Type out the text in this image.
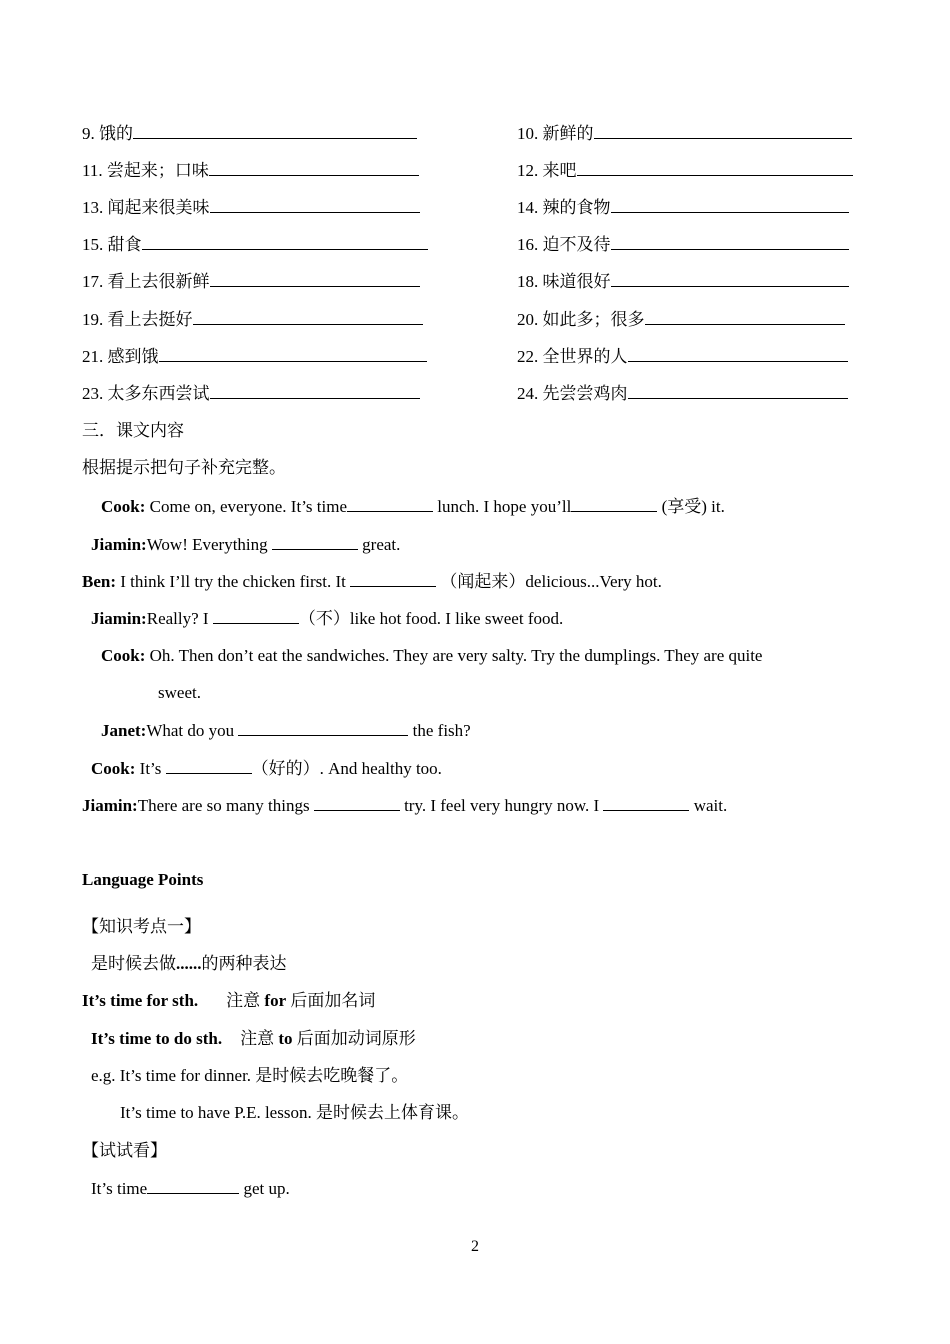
9. 饿的	10. 新鲜的
11. 尝起来；口味	12. 来吧
13. 闻起来很美味	14. 辣的食物
15. 甜食	16. 迫不及待
17. 看上去很新鲜	18. 味道很好
19. 看上去挺好	20. 如此多；很多
21. 感到饿	22. 全世界的人
23. 太多东西尝试	24. 先尝尝鸡肉
三．课文内容
根据提示把句子补充完整。
Cook: Come on, everyone. It’s time	lunch. I hope you’ll	(享受) it.
Jiamin:Wow! Everything	great.
Ben: I think I’ll try the chicken first. It	（闻起来）delicious...Very hot.
Jiamin:Really? I	（不）like hot food. I like sweet food.
Cook: Oh. Then don’t eat the sandwiches. They are very salty. Try the dumplings. They are quite
sweet.
Janet:What do you	the fish?
Cook: It’s	（好的）. And healthy too.
Jiamin:There are so many things	try. I feel very hungry now. I	wait.
Language Points
【知识考点一】
是时候去做......的两种表达
It’s time for sth. 注意 for 后面加名词
It’s time to do sth. 注意 to 后面加动词原形
e.g. It’s time for dinner. 是时候去吃晚餐了。
It’s time to have P.E. lesson. 是时候去上体育课。
【试试看】
It’s time	get up.
2
